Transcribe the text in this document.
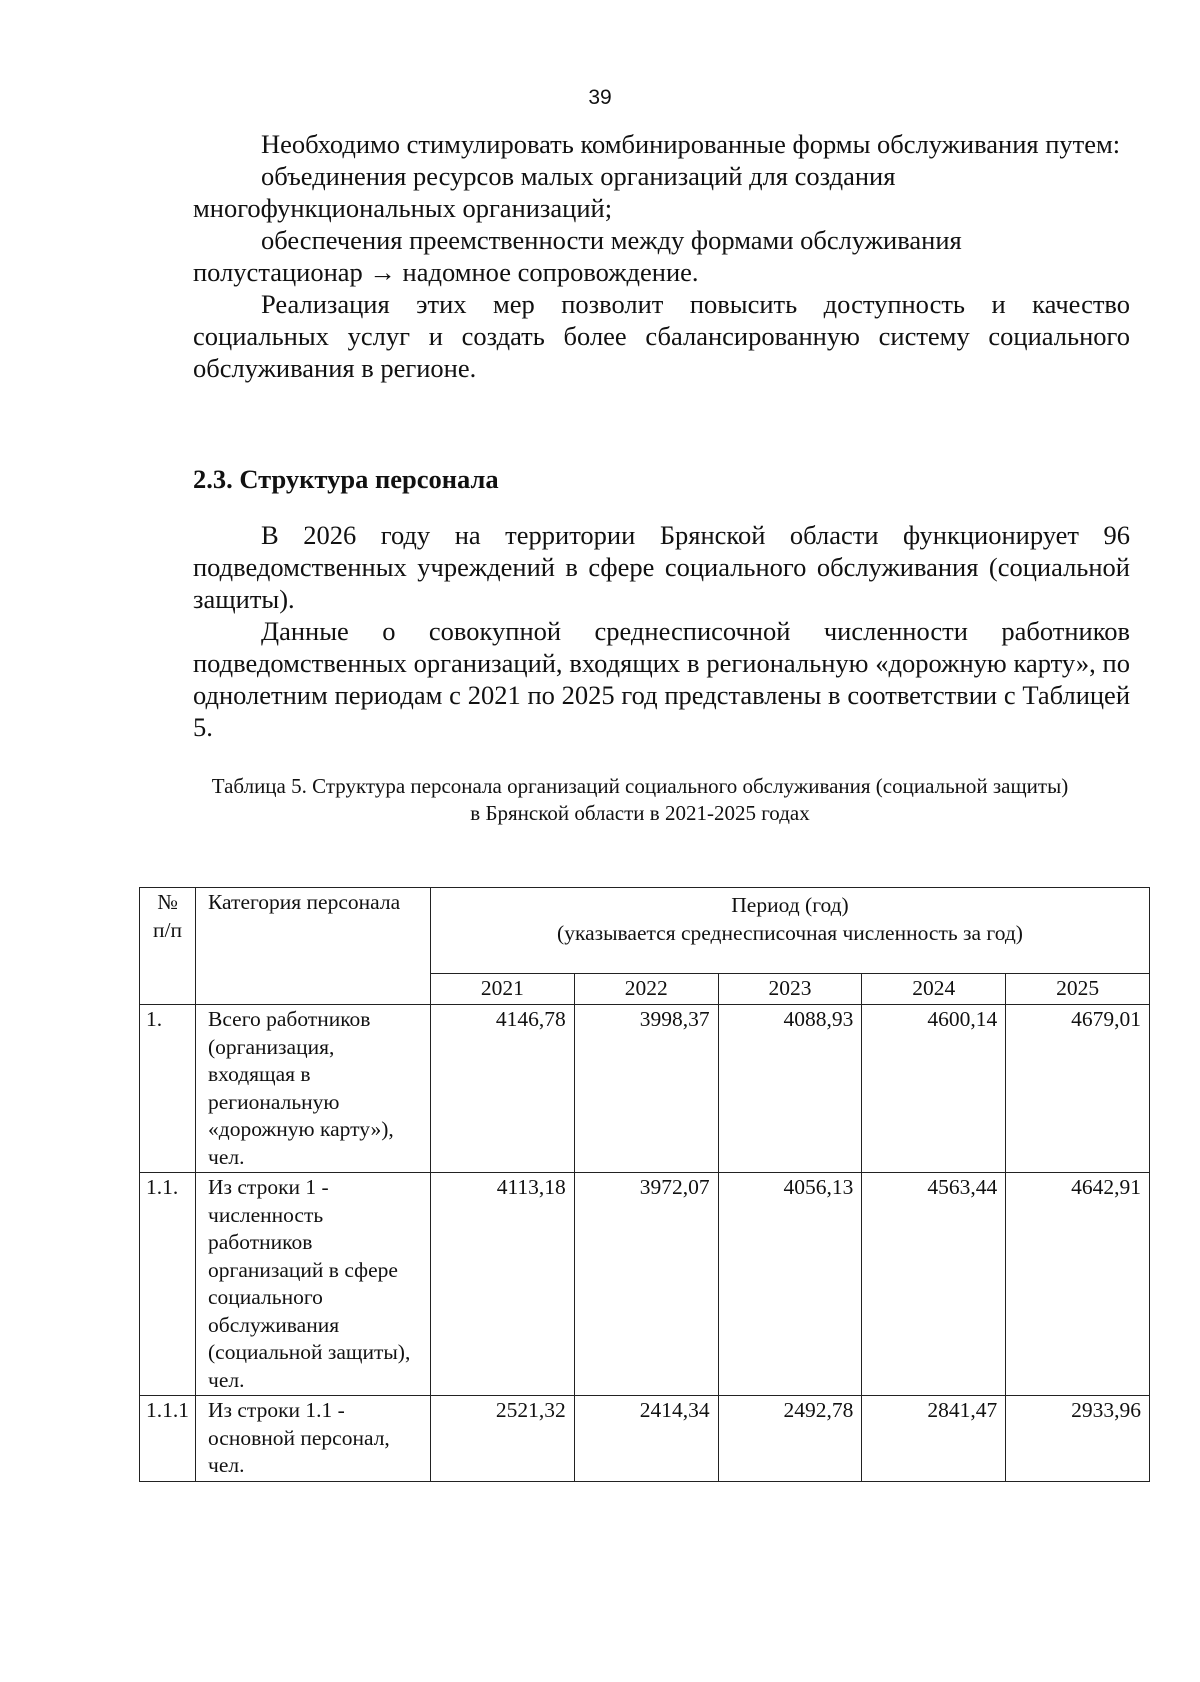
39

Необходимо стимулировать комбинированные формы обслуживания путем:

объединения ресурсов малых организаций для создания

многофункциональных организаций;

обеспечения преемственности между формами обслуживания

полустационар → надомное сопровождение.

Реализация этих мер позволит повысить доступность и качество социальных услуг и создать более сбалансированную систему социального обслуживания в регионе.

2.3. Структура персонала

В 2026 году на территории Брянской области функционирует 96 подведомственных учреждений в сфере социального обслуживания (социальной защиты).

Данные о совокупной среднесписочной численности работников подведомственных организаций, входящих в региональную «дорожную карту», по однолетним периодам с 2021 по 2025 год представлены в соответствии с Таблицей 5.

Таблица 5. Структура персонала организаций социального обслуживания (социальной защиты)
в Брянской области в 2021-2025 годах
№ п/п	Категория персонала	Период (год)
(указывается среднесписочная численность за год)				

		2021	2022	2023	2024	2025
1.	Всего работников (организация, входящая в региональную «дорожную карту»), чел.	4146,78	3998,37	4088,93	4600,14	4679,01
1.1.	Из строки 1 - численность работников организаций в сфере социального обслуживания (социальной защиты), чел.	4113,18	3972,07	4056,13	4563,44	4642,91
1.1.1	Из строки 1.1 - основной персонал, чел.	2521,32	2414,34	2492,78	2841,47	2933,96
